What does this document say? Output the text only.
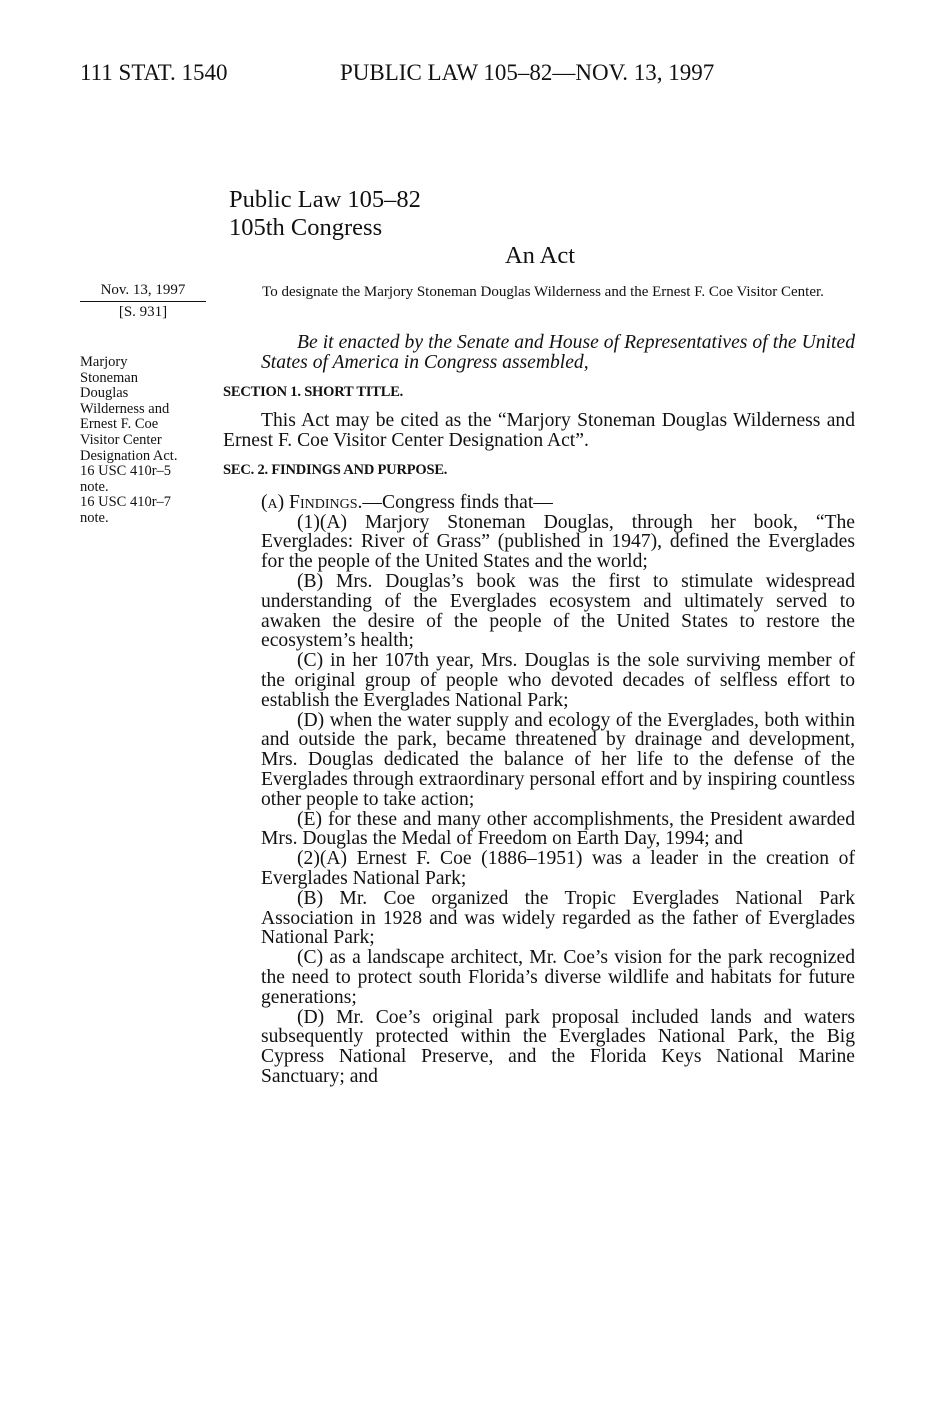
111 STAT. 1540	PUBLIC LAW 105–82—NOV. 13, 1997
Public Law 105–82
105th Congress
An Act
Nov. 13, 1997
[S. 931]
Marjory
Stoneman
Douglas
Wilderness and
Ernest F. Coe
Visitor Center
Designation Act.
16 USC 410r–5
note.
16 USC 410r–7
note.
To designate the Marjory Stoneman Douglas Wilderness and the Ernest F. Coe Visitor Center.

Be it enacted by the Senate and House of Representatives of the United States of America in Congress assembled,

SECTION 1. SHORT TITLE.

This Act may be cited as the “Marjory Stoneman Douglas Wilderness and Ernest F. Coe Visitor Center Designation Act”.

SEC. 2. FINDINGS AND PURPOSE.

(a) Findings.—Congress finds that—

(1)(A) Marjory Stoneman Douglas, through her book, “The Everglades: River of Grass” (published in 1947), defined the Everglades for the people of the United States and the world;

(B) Mrs. Douglas’s book was the first to stimulate widespread understanding of the Everglades ecosystem and ultimately served to awaken the desire of the people of the United States to restore the ecosystem’s health;

(C) in her 107th year, Mrs. Douglas is the sole surviving member of the original group of people who devoted decades of selfless effort to establish the Everglades National Park;

(D) when the water supply and ecology of the Everglades, both within and outside the park, became threatened by drainage and development, Mrs. Douglas dedicated the balance of her life to the defense of the Everglades through extraordinary personal effort and by inspiring countless other people to take action;

(E) for these and many other accomplishments, the President awarded Mrs. Douglas the Medal of Freedom on Earth Day, 1994; and

(2)(A) Ernest F. Coe (1886–1951) was a leader in the creation of Everglades National Park;

(B) Mr. Coe organized the Tropic Everglades National Park Association in 1928 and was widely regarded as the father of Everglades National Park;

(C) as a landscape architect, Mr. Coe’s vision for the park recognized the need to protect south Florida’s diverse wildlife and habitats for future generations;

(D) Mr. Coe’s original park proposal included lands and waters subsequently protected within the Everglades National Park, the Big Cypress National Preserve, and the Florida Keys National Marine Sanctuary; and
